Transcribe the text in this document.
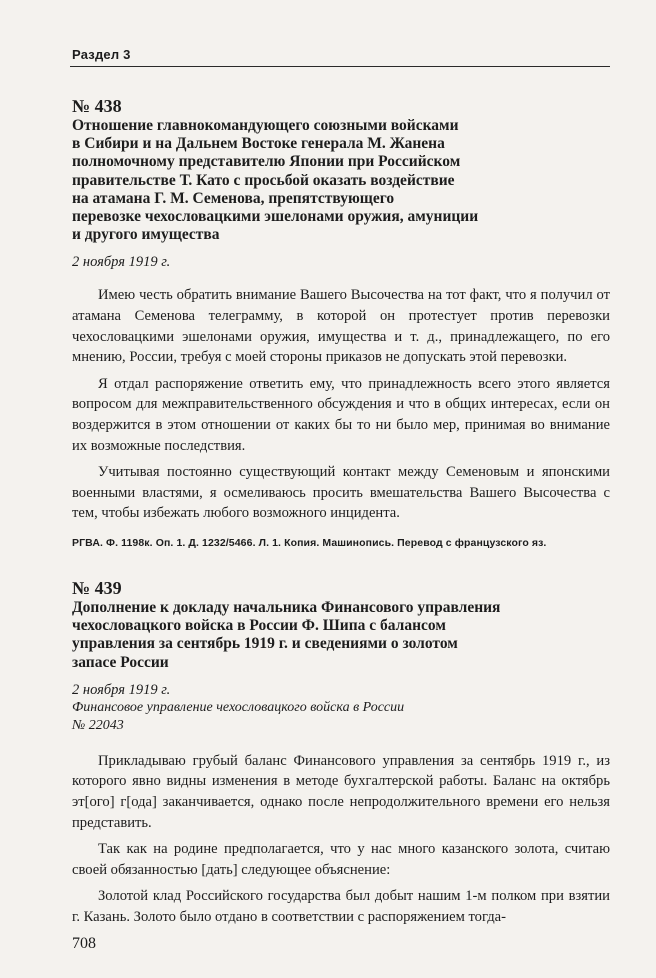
Раздел 3
№ 438
Отношение главнокомандующего союзными войсками
в Сибири и на Дальнем Востоке генерала М. Жанена
полномочному представителю Японии при Российском
правительстве Т. Като с просьбой оказать воздействие
на атамана Г. М. Семенова, препятствующего
перевозке чехословацкими эшелонами оружия, амуниции
и другого имущества
2 ноября 1919 г.

Имею честь обратить внимание Вашего Высочества на тот факт, что я получил от атамана Семенова телеграмму, в которой он протестует против перевозки чехословацкими эшелонами оружия, имущества и т. д., принадлежащего, по его мнению, России, требуя с моей стороны приказов не допускать этой перевозки.

Я отдал распоряжение ответить ему, что принадлежность всего этого является вопросом для межправительственного обсуждения и что в общих интересах, если он воздержится в этом отношении от каких бы то ни было мер, принимая во внимание их возможные последствия.

Учитывая постоянно существующий контакт между Семеновым и японскими военными властями, я осмеливаюсь просить вмешательства Вашего Высочества с тем, чтобы избежать любого возможного инцидента.

РГВА. Ф. 1198к. Оп. 1. Д. 1232/5466. Л. 1. Копия. Машинопись. Перевод с французского яз.
№ 439
Дополнение к докладу начальника Финансового управления
чехословацкого войска в России Ф. Шипа с балансом
управления за сентябрь 1919 г. и сведениями о золотом
запасе России
2 ноября 1919 г.
Финансовое управление чехословацкого войска в России
№ 22043

Прикладываю грубый баланс Финансового управления за сентябрь 1919 г., из которого явно видны изменения в методе бухгалтерской работы. Баланс на октябрь эт[ого] г[ода] заканчивается, однако после непродолжительного времени его нельзя представить.

Так как на родине предполагается, что у нас много казанского золота, считаю своей обязанностью [дать] следующее объяснение:

Золотой клад Российского государства был добыт нашим 1-м полком при взятии г. Казань. Золото было отдано в соответствии с распоряжением тогда-

708
